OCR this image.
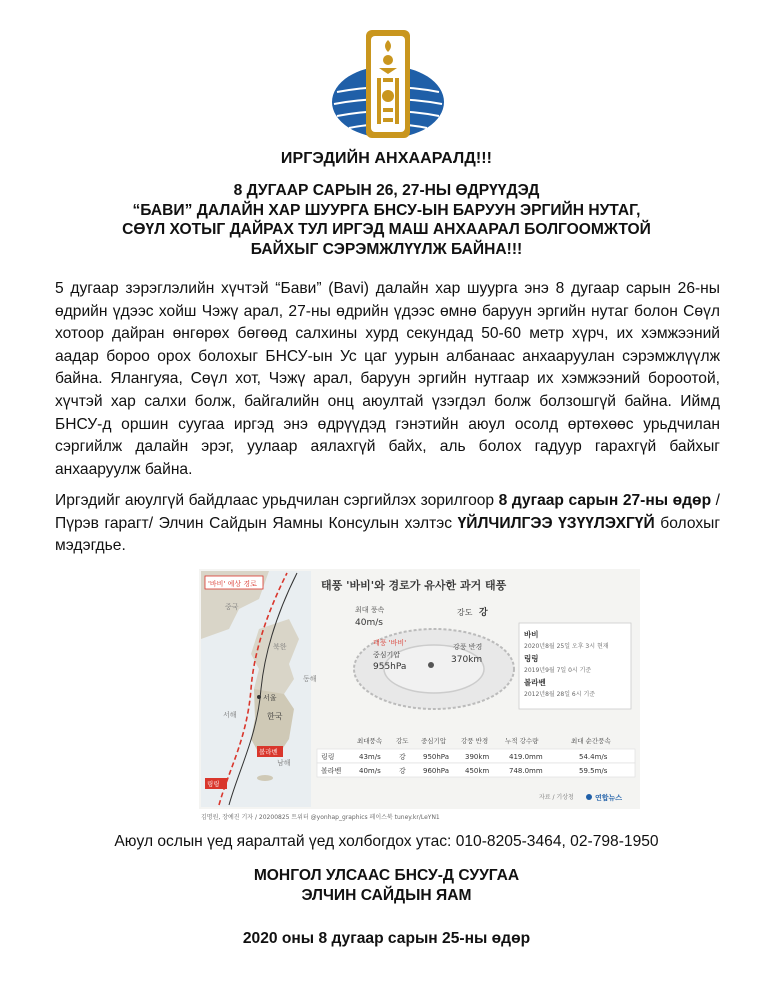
ИРГЭДИЙН АНХААРАЛД!!!
8 ДУГААР САРЫН 26, 27-НЫ ӨДРҮҮДЭД
“БАВИ” ДАЛАЙН ХАР ШУУРГА БНСУ-ЫН БАРУУН ЭРГИЙН НУТАГ,
СӨҮЛ ХОТЫГ ДАЙРАХ ТУЛ ИРГЭД МАШ АНХААРАЛ БОЛГООМЖТОЙ
БАЙХЫГ СЭРЭМЖЛҮҮЛЖ БАЙНА!!!
5 дугаар зэрэглэлийн хүчтэй “Бави” (Bavi) далайн хар шуурга энэ 8 дугаар сарын 26-ны өдрийн үдээс хойш Чэжү арал, 27-ны өдрийн үдээс өмнө баруун эргийн нутаг болон Сөүл хотоор дайран өнгөрөх бөгөөд салхины хурд секундад 50-60 метр хүрч, их хэмжээний аадар бороо орох болохыг БНСУ-ын Ус цаг уурын албанаас анхааруулан сэрэмжлүүлж байна. Ялангуяа, Сөүл хот, Чэжү арал, баруун эргийн нутгаар их хэмжээний бороотой, хүчтэй хар салхи болж, байгалийн онц аюултай үзэгдэл болж болзошгүй байна. Иймд БНСУ-д оршин суугаа иргэд энэ өдрүүдэд гэнэтийн аюул осолд өртөхөөс урьдчилан сэргийлж далайн эрэг, уулаар аялахгүй байх, аль болох гадуур гарахгүй байхыг анхааруулж байна.
Иргэдийг аюулгүй байдлаас урьдчилан сэргийлэх зорилгоор 8 дугаар сарын 27-ны өдөр /Пүрэв гарагт/ Элчин Сайдын Яамны Консулын хэлтэс ҮЙЛЧИЛГЭЭ ҮЗҮҮЛЭХГҮЙ болохыг мэдэгдье.
'바비' 예상 경로
중국
북한
동해
서해	한국
남해
서울
볼라벤
링링
태풍 '바비'와 경로가 유사한 과거 태풍
최대 풍속
40m/s
강도 강
태풍 '바비'
중심기압
955hPa
강풍 반경
370km
바비
2020년8월 25일 오후 3시 현재
링링
2019년9월 7일 0시 기준
볼라벤
2012년8월 28일 6시 기준
최대풍속 강도 중심기압 강풍 반경	누적 강수량	최대 순간풍속
링링	43m/s	강 950hPa 390km	419.0mm	54.4m/s
볼라벤	40m/s	강 960hPa 450km	748.0mm	59.5m/s
자료 / 기상청	연합뉴스
김명원, 장예진 기자 / 20200825 트위터 @yonhap_graphics 페이스북 tuney.kr/LeYN1
Аюул ослын үед яаралтай үед холбогдох утас: 010-8205-3464, 02-798-1950
МОНГОЛ УЛСААС БНСУ-Д СУУГАА
ЭЛЧИН САЙДЫН ЯАМ
2020 оны 8 дугаар сарын 25-ны өдөр
